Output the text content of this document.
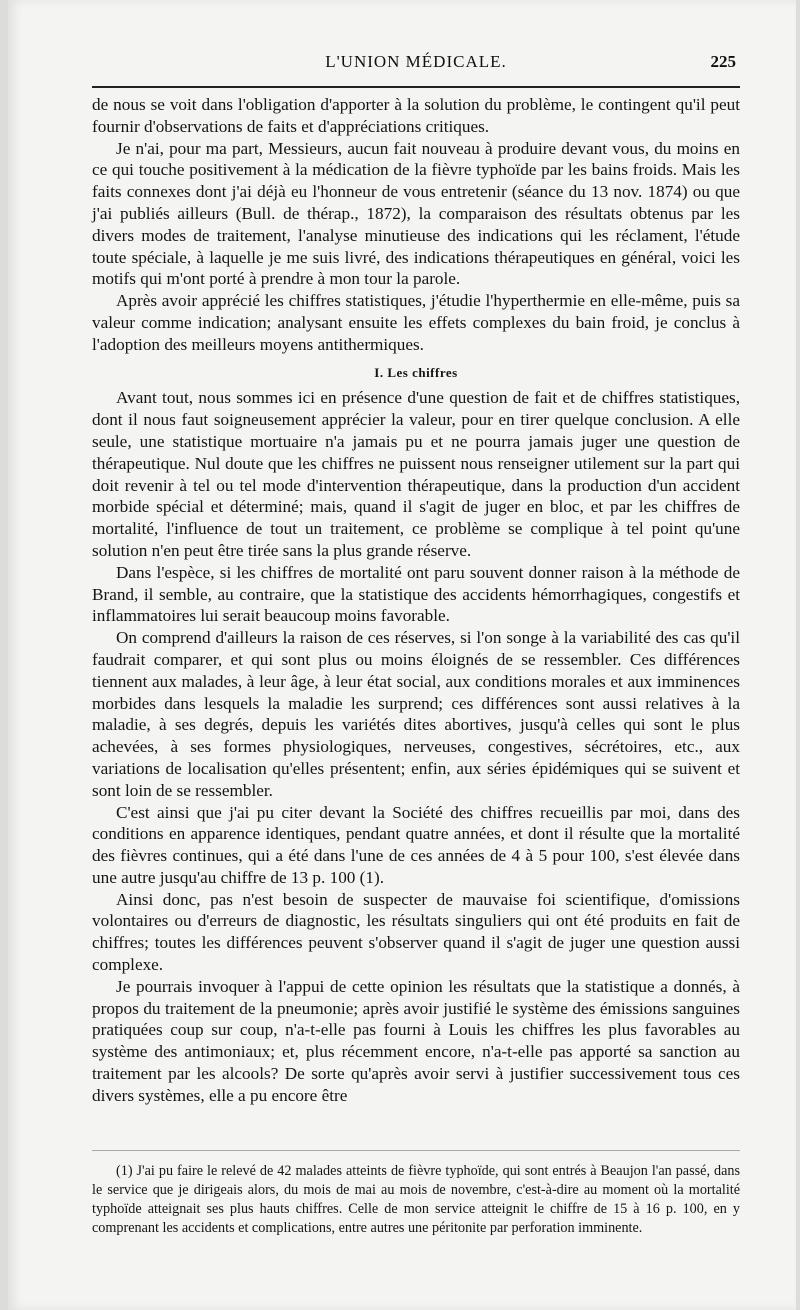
L'UNION MÉDICALE.	225

de nous se voit dans l'obligation d'apporter à la solution du problème, le contingent qu'il peut fournir d'observations de faits et d'appréciations critiques.

Je n'ai, pour ma part, Messieurs, aucun fait nouveau à produire devant vous, du moins en ce qui touche positivement à la médication de la fièvre typhoïde par les bains froids. Mais les faits connexes dont j'ai déjà eu l'honneur de vous entretenir (séance du 13 nov. 1874) ou que j'ai publiés ailleurs (Bull. de thérap., 1872), la comparaison des résultats obtenus par les divers modes de traitement, l'analyse minutieuse des indications qui les réclament, l'étude toute spéciale, à laquelle je me suis livré, des indications thérapeutiques en général, voici les motifs qui m'ont porté à prendre à mon tour la parole.

Après avoir apprécié les chiffres statistiques, j'étudie l'hyperthermie en elle-même, puis sa valeur comme indication; analysant ensuite les effets complexes du bain froid, je conclus à l'adoption des meilleurs moyens antithermiques.

I. Les chiffres

Avant tout, nous sommes ici en présence d'une question de fait et de chiffres statistiques, dont il nous faut soigneusement apprécier la valeur, pour en tirer quelque conclusion. A elle seule, une statistique mortuaire n'a jamais pu et ne pourra jamais juger une question de thérapeutique. Nul doute que les chiffres ne puissent nous renseigner utilement sur la part qui doit revenir à tel ou tel mode d'intervention thérapeutique, dans la production d'un accident morbide spécial et déterminé; mais, quand il s'agit de juger en bloc, et par les chiffres de mortalité, l'influence de tout un traitement, ce problème se complique à tel point qu'une solution n'en peut être tirée sans la plus grande réserve.

Dans l'espèce, si les chiffres de mortalité ont paru souvent donner raison à la méthode de Brand, il semble, au contraire, que la statistique des accidents hémorrhagiques, congestifs et inflammatoires lui serait beaucoup moins favorable.

On comprend d'ailleurs la raison de ces réserves, si l'on songe à la variabilité des cas qu'il faudrait comparer, et qui sont plus ou moins éloignés de se ressembler. Ces différences tiennent aux malades, à leur âge, à leur état social, aux conditions morales et aux imminences morbides dans lesquels la maladie les surprend; ces différences sont aussi relatives à la maladie, à ses degrés, depuis les variétés dites abortives, jusqu'à celles qui sont le plus achevées, à ses formes physiologiques, nerveuses, congestives, sécrétoires, etc., aux variations de localisation qu'elles présentent; enfin, aux séries épidémiques qui se suivent et sont loin de se ressembler.

C'est ainsi que j'ai pu citer devant la Société des chiffres recueillis par moi, dans des conditions en apparence identiques, pendant quatre années, et dont il résulte que la mortalité des fièvres continues, qui a été dans l'une de ces années de 4 à 5 pour 100, s'est élevée dans une autre jusqu'au chiffre de 13 p. 100 (1).

Ainsi donc, pas n'est besoin de suspecter de mauvaise foi scientifique, d'omissions volontaires ou d'erreurs de diagnostic, les résultats singuliers qui ont été produits en fait de chiffres; toutes les différences peuvent s'observer quand il s'agit de juger une question aussi complexe.

Je pourrais invoquer à l'appui de cette opinion les résultats que la statistique a donnés, à propos du traitement de la pneumonie; après avoir justifié le système des émissions sanguines pratiquées coup sur coup, n'a-t-elle pas fourni à Louis les chiffres les plus favorables au système des antimoniaux; et, plus récemment encore, n'a-t-elle pas apporté sa sanction au traitement par les alcools? De sorte qu'après avoir servi à justifier successivement tous ces divers systèmes, elle a pu encore être

(1) J'ai pu faire le relevé de 42 malades atteints de fièvre typhoïde, qui sont entrés à Beaujon l'an passé, dans le service que je dirigeais alors, du mois de mai au mois de novembre, c'est-à-dire au moment où la mortalité typhoïde atteignait ses plus hauts chiffres. Celle de mon service atteignit le chiffre de 15 à 16 p. 100, en y comprenant les accidents et complications, entre autres une péritonite par perforation imminente.
